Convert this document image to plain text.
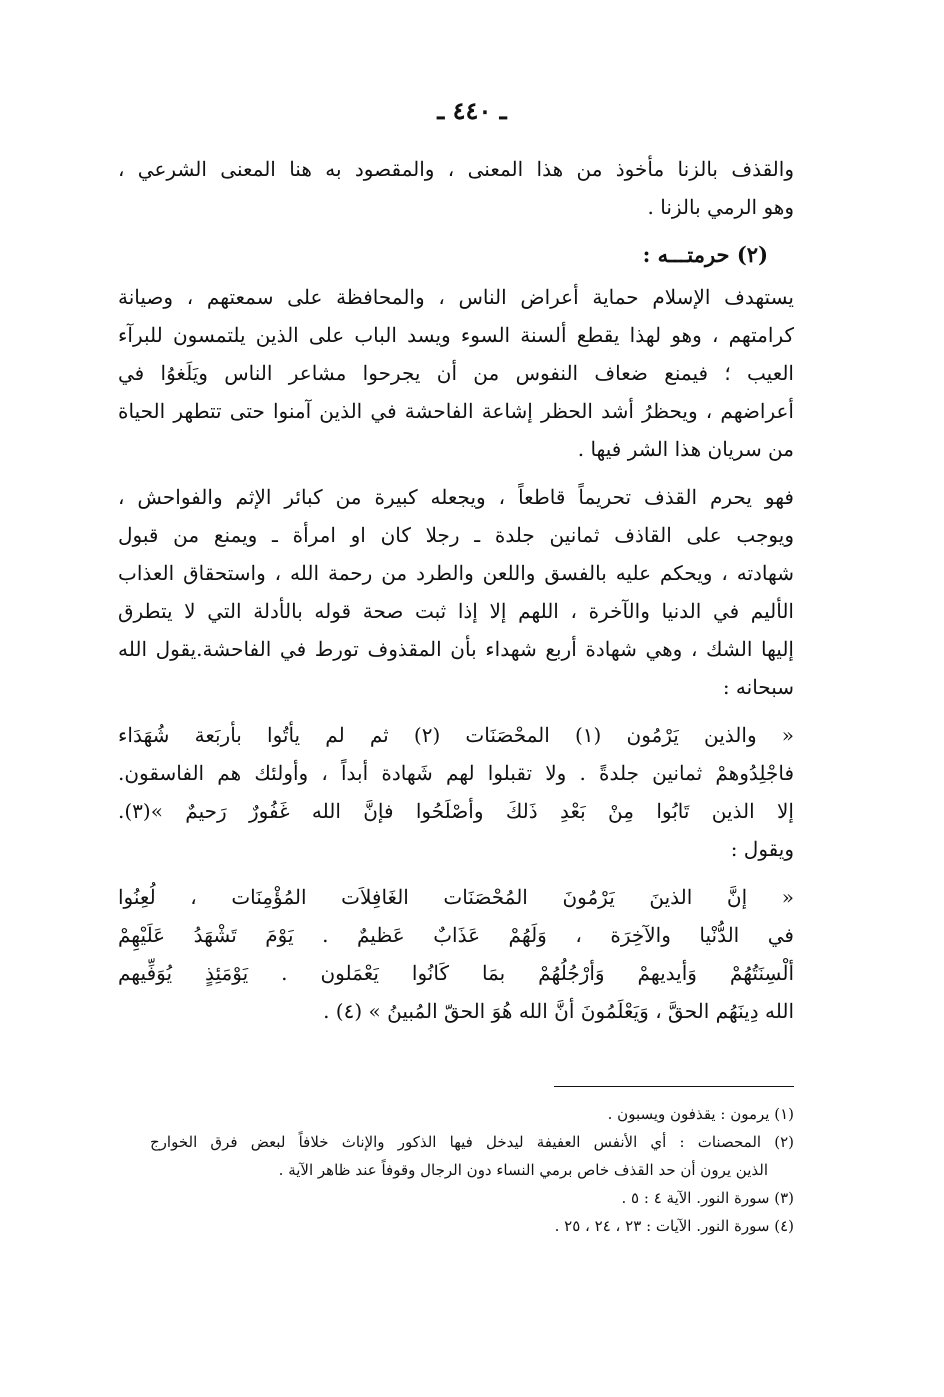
ـ ٤٤٠ ـ
والقذف بالزنا مأخوذ من هذا المعنى ، والمقصود به هنا المعنى الشرعي ،
وهو الرمي بالزنا .
(٢) حرمتـــه :
يستهدف الإسلام حماية أعراض الناس ، والمحافظة على سمعتهم ، وصيانة
كرامتهم ، وهو لهذا يقطع ألسنة السوء ويسد الباب على الذين يلتمسون للبرآء
العيب ؛ فيمنع ضعاف النفوس من أن يجرحوا مشاعر الناس ويَلَغوُا في
أعراضهم ، ويحظرُ أشد الحظر إشاعة الفاحشة في الذين آمنوا حتى تتطهر الحياة
من سريان هذا الشر فيها .
فهو يحرم القذف تحريماً قاطعاً ، ويجعله كبيرة من كبائر الإثم والفواحش ،
ويوجب على القاذف ثمانين جلدة ـ رجلا كان او امرأة ـ ويمنع من قبول
شهادته ، ويحكم عليه بالفسق واللعن والطرد من رحمة الله ، واستحقاق العذاب
الأليم في الدنيا والآخرة ، اللهم إلا إذا ثبت صحة قوله بالأدلة التي لا يتطرق
إليها الشك ، وهي شهادة أربع شهداء بأن المقذوف تورط في الفاحشة.يقول الله
سبحانه :
« والذين يَرْمُون (١) المحْصَنَات (٢) ثم لم يأتُوا بأربَعة شُهَدَاء
فاجْلِدُوهمْ ثمانين جلدةً . ولا تقبلوا لهم شَهادة أبداً ، وأولئك هم الفاسقون.
إلا الذين تَابُوا مِنْ بَعْدِ ذَلكَ وأصْلَحُوا فإنَّ الله غَفُورٌ رَحيمٌ »(٣).
ويقول :
« إنَّ الذينَ يَرْمُونَ المُحْصَنَات الغَافِلاَت المُؤْمِنَات ، لُعِنُوا
في الدُّنْيا والآخِرَة ، وَلَهُمْ عَذَابٌ عَظيمٌ . يَوْمَ تَشْهَدُ عَلَيْهِمْ
ألْسِنَتُهُمْ وَأيديهمْ وَأرْجُلُهُمْ بمَا كَانُوا يَعْمَلون . يَوْمَئِذٍ يُوَفِّيهم
الله دِينَهُم الحقَّ ، وَيَعْلَمُونَ أنَّ الله هُوَ الحقّ المُبينُ » (٤) .
(١) يرمون : يقذفون ويسبون .
(٢) المحصنات : أي الأنفس العفيفة ليدخل فيها الذكور والإناث خلافاً لبعض فرق الخوارج
الذين يرون أن حد القذف خاص برمي النساء دون الرجال وقوفاً عند ظاهر الآية .
(٣) سورة النور. الآية ٤ : ٥ .
(٤) سورة النور. الآيات : ٢٣ ، ٢٤ ، ٢٥ .
